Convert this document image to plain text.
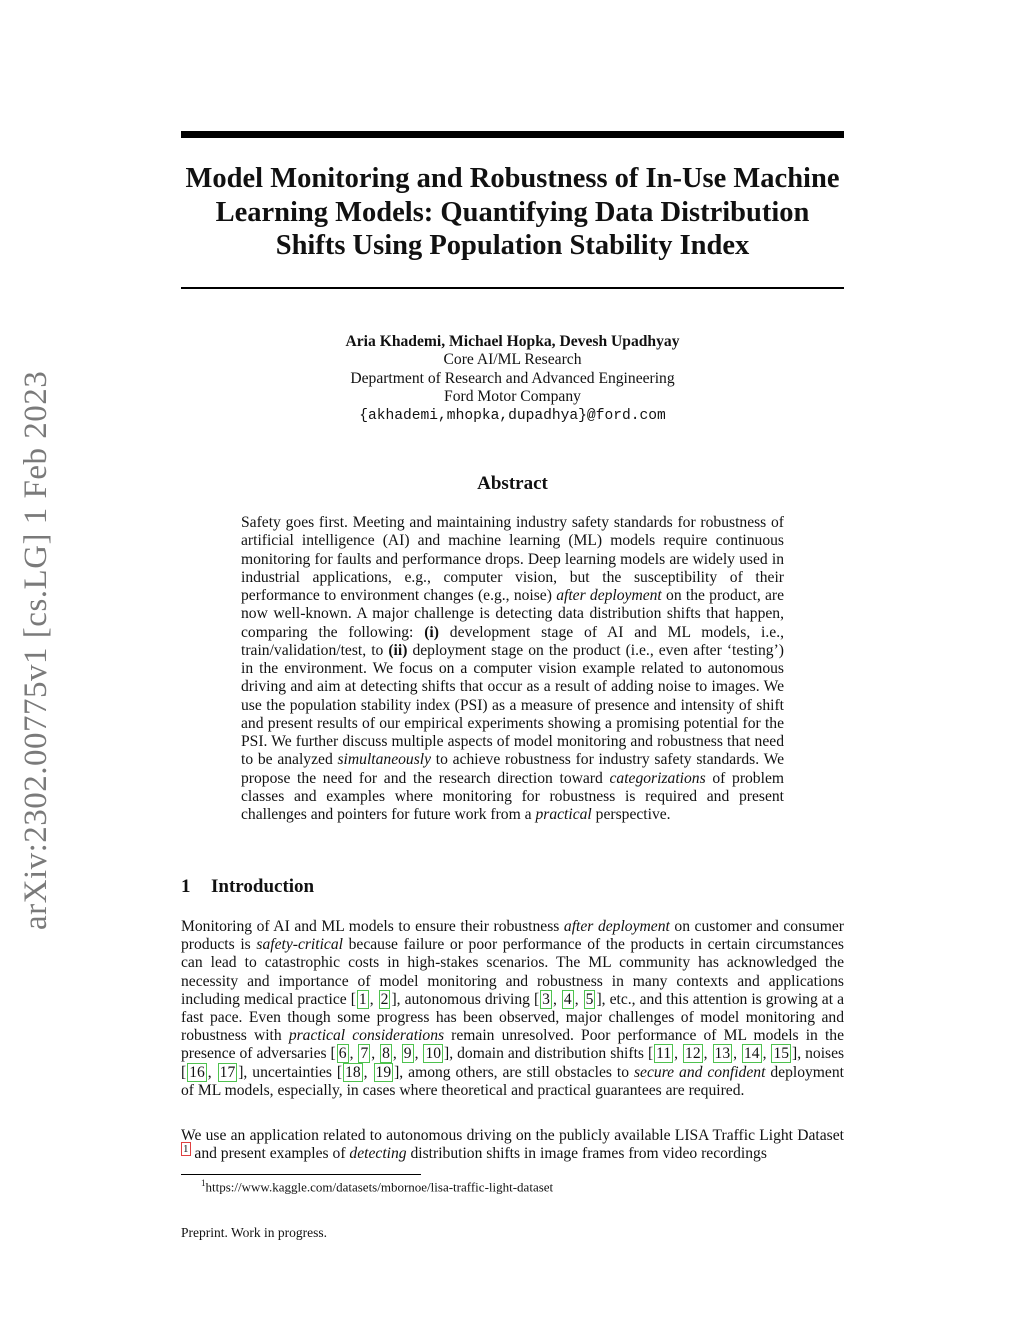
arXiv:2302.00775v1 [cs.LG] 1 Feb 2023
Model Monitoring and Robustness of In-Use Machine
Learning Models: Quantifying Data Distribution
Shifts Using Population Stability Index
Aria Khademi, Michael Hopka, Devesh Upadhyay
Core AI/ML Research
Department of Research and Advanced Engineering
Ford Motor Company
{akhademi,mhopka,dupadhya}@ford.com
Abstract
Safety goes first. Meeting and maintaining industry safety standards for robustness of artificial intelligence (AI) and machine learning (ML) models require continuous monitoring for faults and performance drops. Deep learning models are widely used in industrial applications, e.g., computer vision, but the susceptibility of their performance to environment changes (e.g., noise) after deployment on the product, are now well-known. A major challenge is detecting data distribution shifts that happen, comparing the following: (i) development stage of AI and ML models, i.e., train/validation/test, to (ii) deployment stage on the product (i.e., even after ‘testing’) in the environment. We focus on a computer vision example related to autonomous driving and aim at detecting shifts that occur as a result of adding noise to images. We use the population stability index (PSI) as a measure of presence and intensity of shift and present results of our empirical experiments showing a promising potential for the PSI. We further discuss multiple aspects of model monitoring and robustness that need to be analyzed simultaneously to achieve robustness for industry safety standards. We propose the need for and the research direction toward categorizations of problem classes and examples where monitoring for robustness is required and present challenges and pointers for future work from a practical perspective.
1 Introduction
Monitoring of AI and ML models to ensure their robustness after deployment on customer and consumer products is safety-critical because failure or poor performance of the products in certain circumstances can lead to catastrophic costs in high-stakes scenarios. The ML community has acknowledged the necessity and importance of model monitoring and robustness in many contexts and applications including medical practice [ 1 , 2 ], autonomous driving [ 3 , 4 , 5 ], etc., and this attention is growing at a fast pace. Even though some progress has been observed, major challenges of model monitoring and robustness with practical considerations remain unresolved. Poor performance of ML models in the presence of adversaries [ 6 , 7 , 8 , 9 , 10 ], domain and distribution shifts [ 11 , 12 , 13 , 14 , 15 ], noises [ 16 , 17 ], uncertainties [ 18 , 19 ], among others, are still obstacles to secure and confident deployment of ML models, especially, in cases where theoretical and practical guarantees are required.
We use an application related to autonomous driving on the publicly available LISA Traffic Light Dataset $^1$ and present examples of detecting distribution shifts in image frames from video recordings
$^1$https://www.kaggle.com/datasets/mbornoe/lisa-traffic-light-dataset
Preprint. Work in progress.
